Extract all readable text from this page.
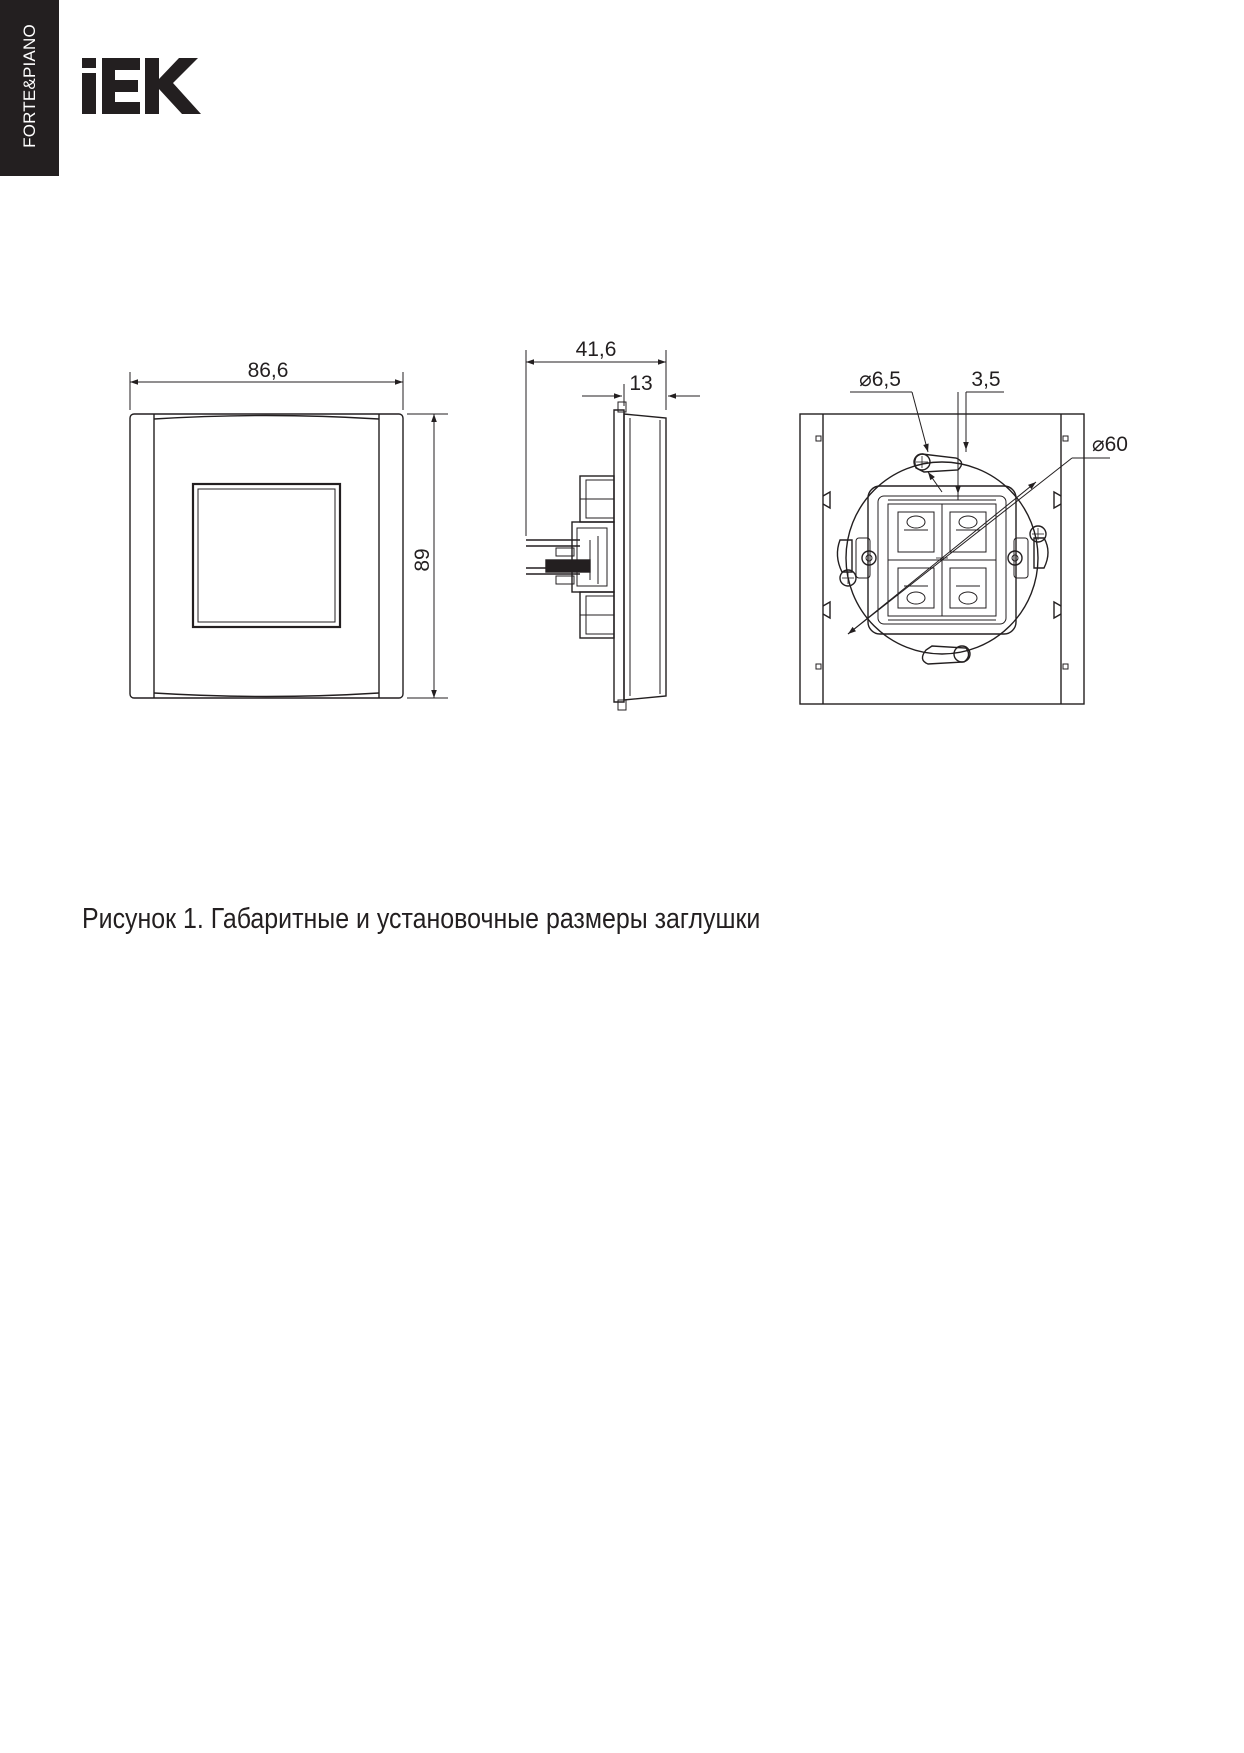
FORTE&PIANO
86,6
89
41,6
13	⌀6,5	3,5
⌀60
Рисунок 1. Габаритные и установочные размеры заглушки
